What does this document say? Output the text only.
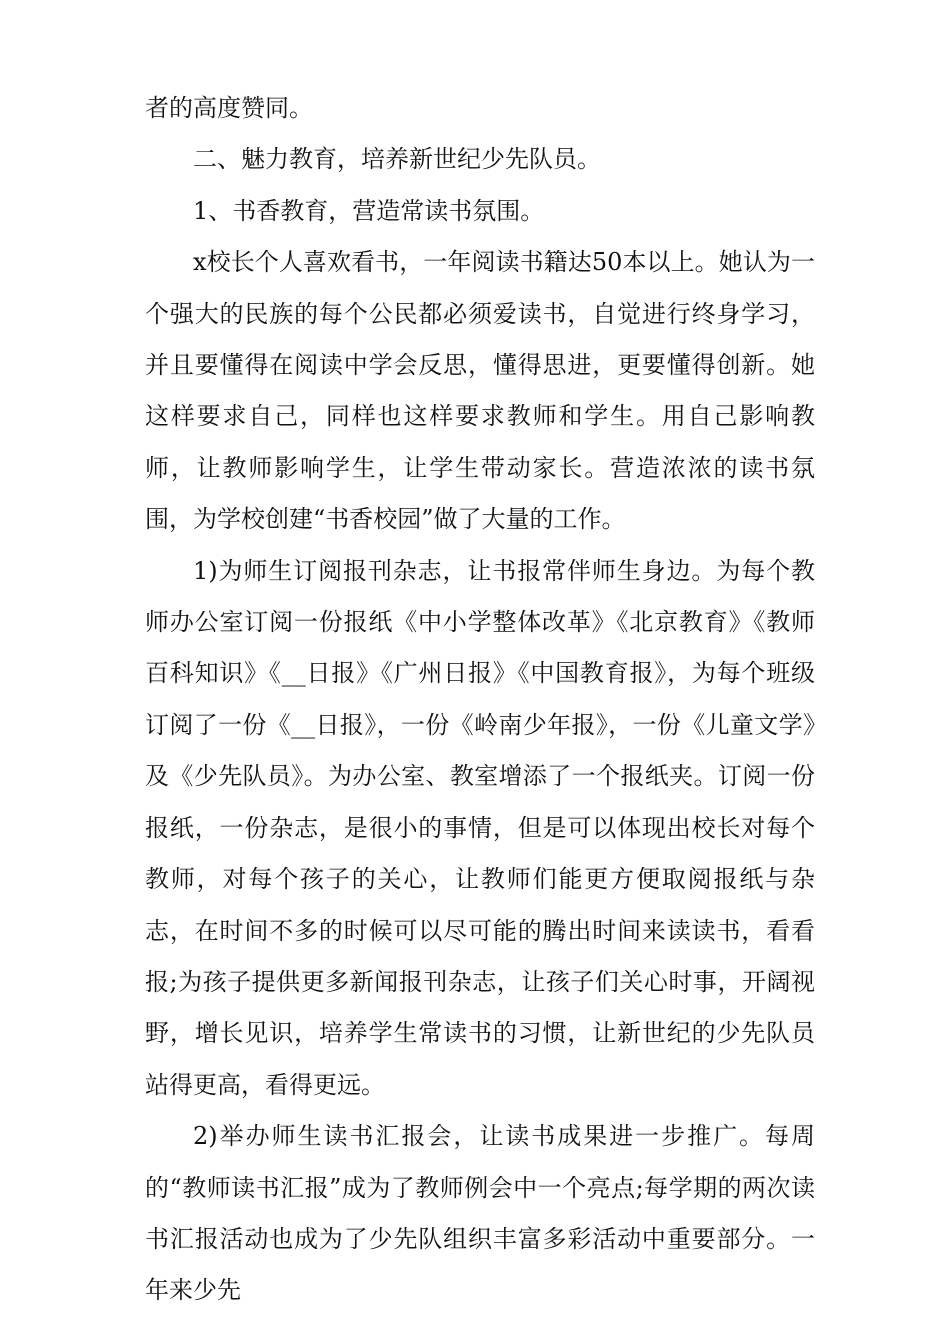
者的高度赞同。

二、魅力教育，培养新世纪少先队员。

1、书香教育，营造常读书氛围。

x校长个人喜欢看书，一年阅读书籍达50本以上。她认为一个强大的民族的每个公民都必须爱读书，自觉进行终身学习，并且要懂得在阅读中学会反思，懂得思进，更要懂得创新。她这样要求自己，同样也这样要求教师和学生。用自己影响教师，让教师影响学生，让学生带动家长。营造浓浓的读书氛围，为学校创建“书香校园”做了大量的工作。

1)为师生订阅报刊杂志，让书报常伴师生身边。为每个教师办公室订阅一份报纸《中小学整体改革》《北京教育》《教师百科知识》《__日报》《广州日报》《中国教育报》，为每个班级订阅了一份《__日报》，一份《岭南少年报》，一份《儿童文学》及《少先队员》。为办公室、教室增添了一个报纸夹。订阅一份报纸，一份杂志，是很小的事情，但是可以体现出校长对每个教师，对每个孩子的关心，让教师们能更方便取阅报纸与杂志，在时间不多的时候可以尽可能的腾出时间来读读书，看看报;为孩子提供更多新闻报刊杂志，让孩子们关心时事，开阔视野，增长见识，培养学生常读书的习惯，让新世纪的少先队员站得更高，看得更远。

2)举办师生读书汇报会，让读书成果进一步推广。每周的“教师读书汇报”成为了教师例会中一个亮点;每学期的两次读书汇报活动也成为了少先队组织丰富多彩活动中重要部分。一年来少先
